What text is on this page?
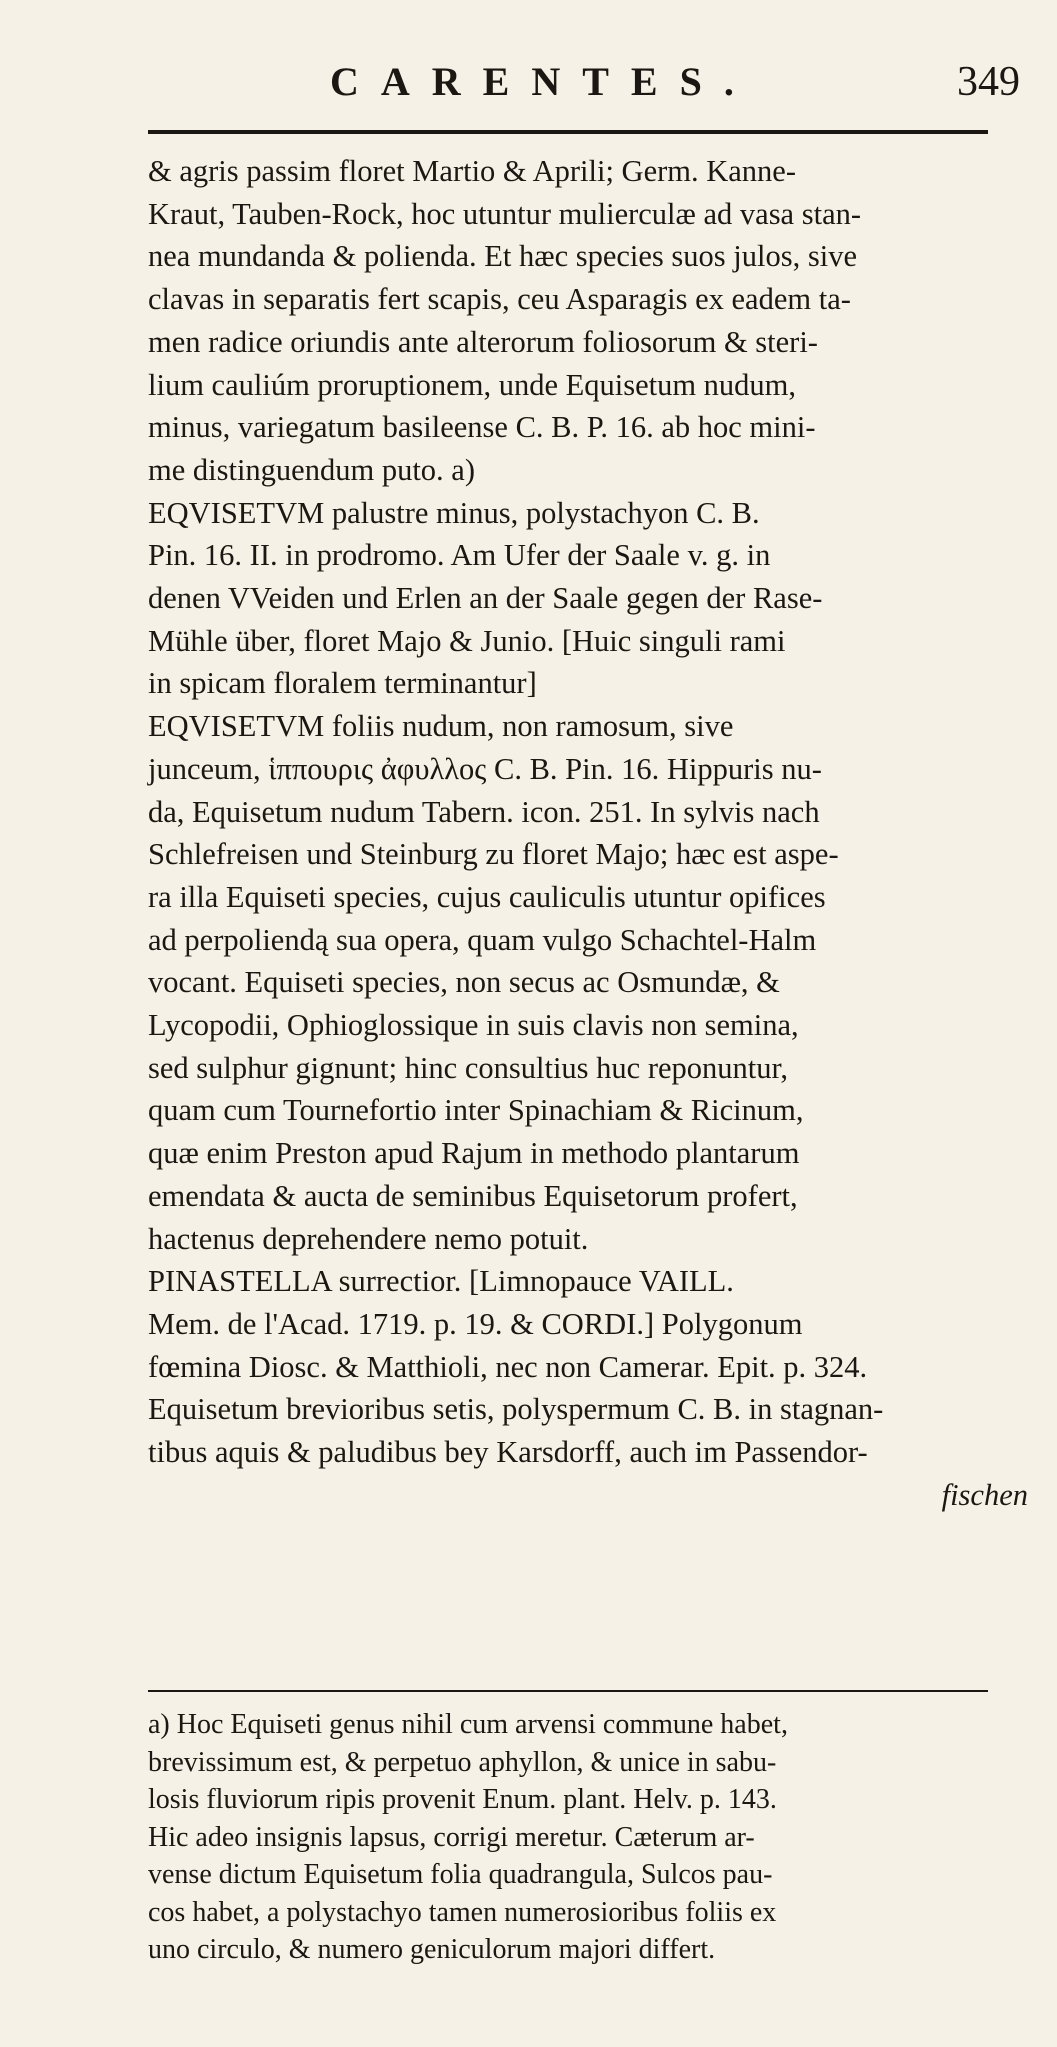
CARENTES.	349
& agris passim floret Martio & Aprili; Germ. Kanne-
Kraut, Tauben-Rock, hoc utuntur mulierculæ ad vasa stan-
nea mundanda & polienda. Et hæc species suos julos, sive
clavas in separatis fert scapis, ceu Asparagis ex eadem ta-
men radice oriundis ante alterorum foliosorum & steri-
lium cauliúm proruptionem, unde Equisetum nudum,
minus, variegatum basileense C. B. P. 16. ab hoc mini-
me distinguendum puto. a)
EQVISETVM palustre minus, polystachyon C. B.
Pin. 16. II. in prodromo. Am Ufer der Saale v. g. in
denen VVeiden und Erlen an der Saale gegen der Rase-
Mühle über, floret Majo & Junio. [Huic singuli rami
in spicam floralem terminantur]
EQVISETVM foliis nudum, non ramosum, sive
junceum, ἱππουρις ἀφυλλος C. B. Pin. 16. Hippuris nu-
da, Equisetum nudum Tabern. icon. 251. In sylvis nach
Schlefreisen und Steinburg zu floret Majo; hæc est aspe-
ra illa Equiseti species, cujus cauliculis utuntur opifices
ad perpoliendą sua opera, quam vulgo Schachtel-Halm
vocant. Equiseti species, non secus ac Osmundæ, &
Lycopodii, Ophioglossique in suis clavis non semina,
sed sulphur gignunt; hinc consultius huc reponuntur,
quam cum Tournefortio inter Spinachiam & Ricinum,
quæ enim Preston apud Rajum in methodo plantarum
emendata & aucta de seminibus Equisetorum profert,
hactenus deprehendere nemo potuit.
PINASTELLA surrectior. [Limnopauce VAILL.
Mem. de l'Acad. 1719. p. 19. & CORDI.] Polygonum
fœmina Diosc. & Matthioli, nec non Camerar. Epit. p. 324.
Equisetum brevioribus setis, polyspermum C. B. in stagnan-
tibus aquis & paludibus bey Karsdorff, auch im Passendor-
fischen
a) Hoc Equiseti genus nihil cum arvensi commune habet,
brevissimum est, & perpetuo aphyllon, & unice in sabu-
losis fluviorum ripis provenit Enum. plant. Helv. p. 143.
Hic adeo insignis lapsus, corrigi meretur. Cæterum ar-
vense dictum Equisetum folia quadrangula, Sulcos pau-
cos habet, a polystachyo tamen numerosioribus foliis ex
uno circulo, & numero geniculorum majori differt.
